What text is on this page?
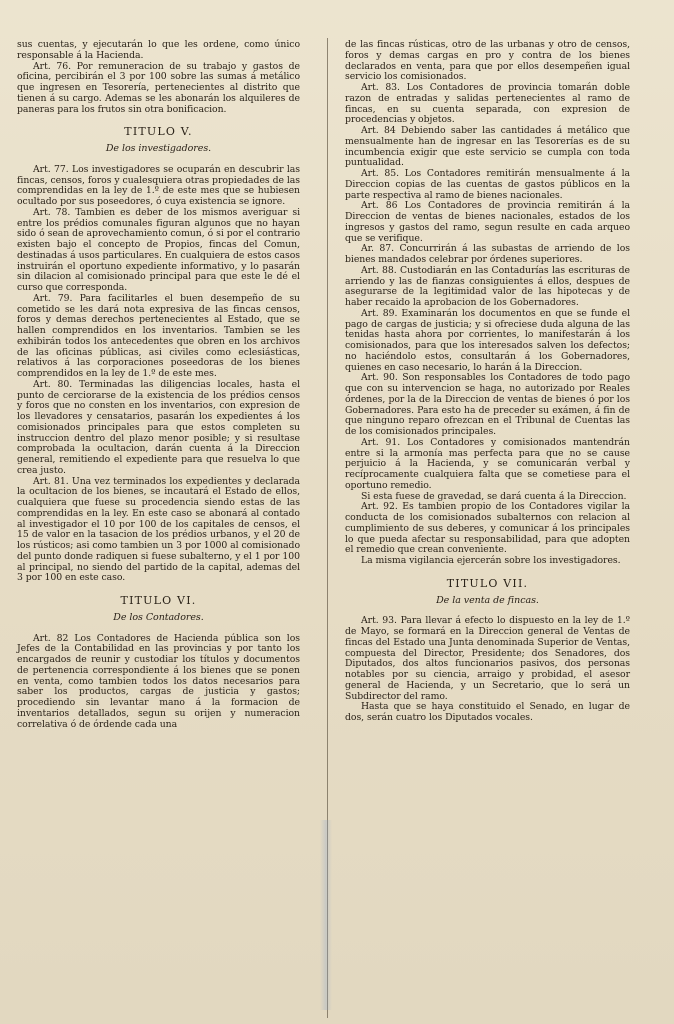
sus cuentas, y ejecutarán lo que les ordene, como único responsable á la Hacienda.

Art. 76. Por remuneracion de su trabajo y gastos de oficina, percibirán el 3 por 100 sobre las sumas á metálico que ingresen en Tesorería, pertenecientes al distrito que tienen á su cargo. Ademas se les abonarán los alquileres de paneras para los frutos sin otra bonificacion.

TITULO V.
De los investigadores.

Art. 77. Los investigadores se ocuparán en descubrir las fincas, censos, foros y cualesquiera otras propiedades de las comprendidas en la ley de 1.º de este mes que se hubiesen ocultado por sus poseedores, ó cuya existencia se ignore.

Art. 78. Tambien es deber de los mismos averiguar si entre los prédios comunales figuran algunos que no hayan sido ó sean de aprovechamiento comun, ó si por el contrario existen bajo el concepto de Propios, fincas del Comun, destinadas á usos particulares. En cualquiera de estos casos instruirán el oportuno expediente informativo, y lo pasarán sin dilacion al comisionado principal para que este le dé el curso que corresponda.

Art. 79. Para facilitarles el buen desempeño de su cometido se les dará nota expresiva de las fincas censos, foros y demas derechos pertenecientes al Estado, que se hallen comprendidos en los inventarios. Tambien se les exhibirán todos los antecedentes que obren en los archivos de las oficinas públicas, asi civiles como eclesiásticas, relativos á las corporaciones poseedoras de los bienes comprendidos en la ley de 1.º de este mes.

Art. 80. Terminadas las diligencias locales, hasta el punto de cerciorarse de la existencia de los prédios censos y foros que no consten en los inventarios, con expresion de los llevadores y censatarios, pasarán los expedientes á los comisionados principales para que estos completen su instruccion dentro del plazo menor posible; y si resultase comprobada la ocultacion, darán cuenta á la Direccion general, remitiendo el expediente para que resuelva lo que crea justo.

Art. 81. Una vez terminados los expedientes y declarada la ocultacion de los bienes, se incautará el Estado de ellos, cualquiera que fuese su procedencia siendo estas de las comprendidas en la ley. En este caso se abonará al contado al investigador el 10 por 100 de los capitales de censos, el 15 de valor en la tasacion de los prédios urbanos, y el 20 de los rústicos; asi como tambien un 3 por 1000 al comisionado del punto donde radiquen si fuese subalterno, y el 1 por 100 al principal, no siendo del partido de la capital, ademas del 3 por 100 en este caso.

TITULO VI.
De los Contadores.

Art. 82 Los Contadores de Hacienda pública son los Jefes de la Contabilidad en las provincias y por tanto los encargados de reunir y custodiar los títulos y documentos de pertenencia correspondiente á los bienes que se ponen en venta, como tambien todos los datos necesarios para saber los productos, cargas de justicia y gastos; procediendo sin levantar mano á la formacion de inventarios detallados, segun su orijen y numeracion correlativa ó de órdende cada una

de las fincas rústicas, otro de las urbanas y otro de censos, foros y demas cargas en pro y contra de los bienes declarados en venta, para que por ellos desempeñen igual servicio los comisionados.

Art. 83. Los Contadores de provincia tomarán doble razon de entradas y salidas pertenecientes al ramo de fincas, en su cuenta separada, con expresion de procedencias y objetos.

Art. 84 Debiendo saber las cantidades á metálico que mensualmente han de ingresar en las Tesorerías es de su incumbencia exigir que este servicio se cumpla con toda puntualidad.

Art. 85. Los Contadores remitirán mensualmente á la Direccion copias de las cuentas de gastos públicos en la parte respectiva al ramo de bienes nacionales.

Art. 86 Los Contadores de provincia remitirán á la Direccion de ventas de bienes nacionales, estados de los ingresos y gastos del ramo, segun resulte en cada arqueo que se verifique.

Ar. 87. Concurrirán á las subastas de arriendo de los bienes mandados celebrar por órdenes superiores.

Art. 88. Custodiarán en las Contadurías las escrituras de arriendo y las de fianzas consiguientes á ellos, despues de asegurarse de la legitimidad valor de las hipotecas y de haber recaido la aprobacion de los Gobernadores.

Art. 89. Examinarán los documentos en que se funde el pago de cargas de justicia; y si ofreciese duda alguna de las tenidas hasta ahora por corrientes, lo manifestarán á los comisionados, para que los interesados salven los defectos; no haciéndolo estos, consultarán á los Gobernadores, quienes en caso necesario, lo harán á la Direccion.

Art. 90. Son responsables los Contadores de todo pago que con su intervencion se haga, no autorizado por Reales órdenes, por la de la Direccion de ventas de bienes ó por los Gobernadores. Para esto ha de preceder su exámen, á fin de que ninguno reparo ofrezcan en el Tribunal de Cuentas las de los comisionados principales.

Art. 91. Los Contadores y comisionados mantendrán entre si la armonía mas perfecta para que no se cause perjuicio á la Hacienda, y se comunicarán verbal y recíprocamente cualquiera falta que se cometiese para el oportuno remedio.

Si esta fuese de gravedad, se dará cuenta á la Direccion.

Art. 92. Es tambien propio de los Contadores vigilar la conducta de los comisionados subalternos con relacion al cumplimiento de sus deberes, y comunicar á los principales lo que pueda afectar su responsabilidad, para que adopten el remedio que crean conveniente.

La misma vigilancia ejercerán sobre los investigadores.

TITULO VII.
De la venta de fincas.

Art. 93. Para llevar á efecto lo dispuesto en la ley de 1.º de Mayo, se formará en la Direccion general de Ventas de fincas del Estado una Junta denominada Superior de Ventas, compuesta del Director, Presidente; dos Senadores, dos Diputados, dos altos funcionarios pasivos, dos personas notables por su ciencia, arraigo y probidad, el asesor general de Hacienda, y un Secretario, que lo será un Subdirector del ramo.

Hasta que se haya constituido el Senado, en lugar de dos, serán cuatro los Diputados vocales.
